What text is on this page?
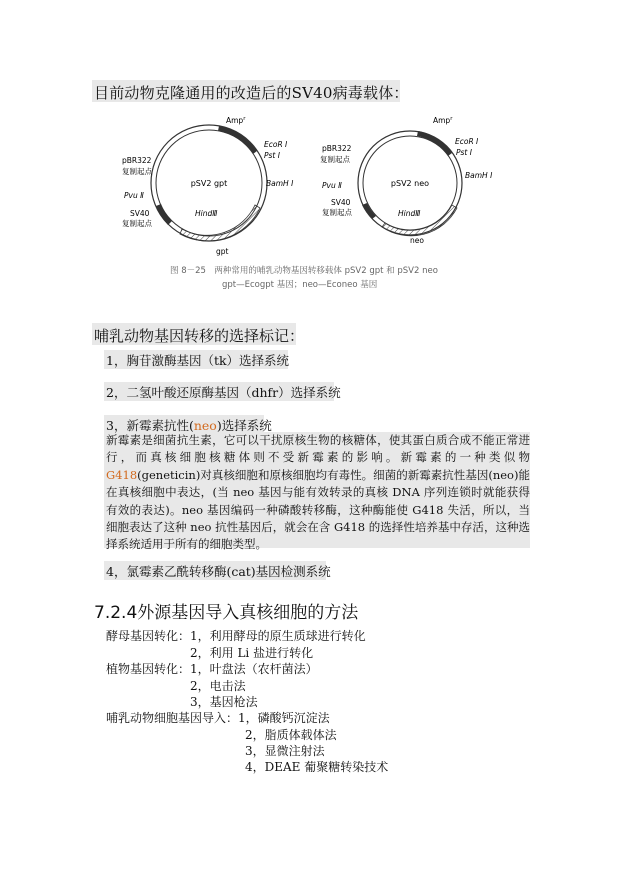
目前动物克隆通用的改造后的SV40病毒载体：
pSV2 gpt
Amp$^r$
EcoR Ⅰ
Pst Ⅰ
BamH Ⅰ
HindⅢ
pBR322
复制起点
Pvu Ⅱ
SV40
复制起点
gpt
pSV2 neo
Amp$^r$
EcoR Ⅰ
Pst Ⅰ
BamH Ⅰ
HindⅢ
pBR322
复制起点
Pvu Ⅱ
SV40
复制起点
neo
图 8－25　两种常用的哺乳动物基因转移载体 pSV2 gpt 和 pSV2 neo
gpt—Ecogpt 基因；neo—Econeo 基因
哺乳动物基因转移的选择标记：
1，胸苷激酶基因（tk）选择系统
2，二氢叶酸还原酶基因（dhfr）选择系统
3，新霉素抗性(neo)选择系统
新霉素是细菌抗生素，它可以干扰原核生物的核糖体，使其蛋白质合成不能正常进行，而真核细胞核糖体则不受新霉素的影响。新霉素的一种类似物G418(geneticin)对真核细胞和原核细胞均有毒性。细菌的新霉素抗性基因(neo)能在真核细胞中表达，(当 neo 基因与能有效转录的真核 DNA 序列连锁时就能获得有效的表达)。neo 基因编码一种磷酸转移酶，这种酶能使 G418 失活，所以，当细胞表达了这种 neo 抗性基因后，就会在含 G418 的选择性培养基中存活，这种选择系统适用于所有的细胞类型。
4，氯霉素乙酰转移酶(cat)基因检测系统
7.2.4外源基因导入真核细胞的方法
酵母基因转化：1，利用酵母的原生质球进行转化
2，利用 Li 盐进行转化
植物基因转化：1，叶盘法（农杆菌法）
2，电击法
3，基因枪法
哺乳动物细胞基因导入：1，磷酸钙沉淀法
2，脂质体载体法
3，显微注射法
4，DEAE 葡聚糖转染技术
